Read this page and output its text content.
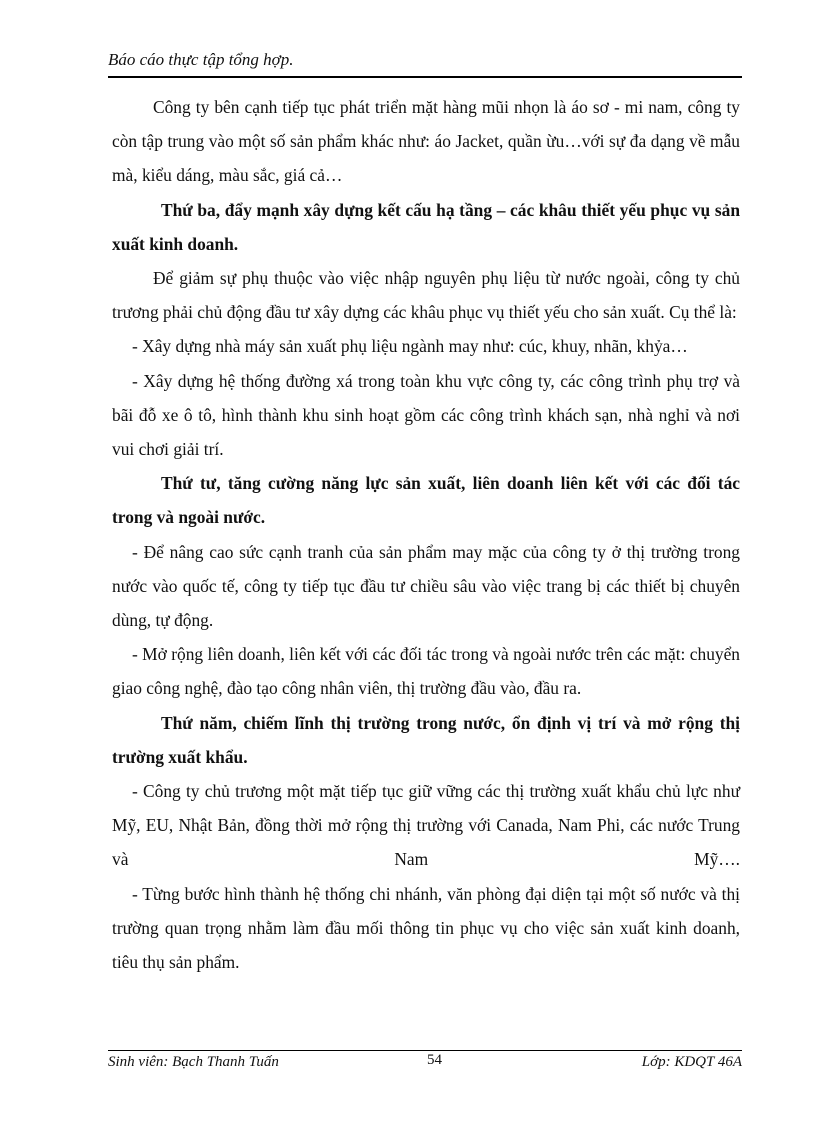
Báo cáo thực tập tổng hợp.

Công ty bên cạnh tiếp tục phát triển mặt hàng mũi nhọn là áo sơ - mi nam, công ty còn tập trung vào một số sản phẩm khác như: áo Jacket, quần ừu…với sự đa dạng về mẫu mà, kiểu dáng, màu sắc, giá cả…

Thứ ba, đẩy mạnh xây dựng kết cấu hạ tầng – các khâu thiết yếu phục vụ sản xuất kinh doanh.

Để giảm sự phụ thuộc vào việc nhập nguyên phụ liệu từ nước ngoài, công ty chủ trương phải chủ động đầu tư xây dựng các khâu phục vụ thiết yếu cho sản xuất. Cụ thể là:

- Xây dựng nhà máy sản xuất phụ liệu ngành may như: cúc, khuy, nhãn, khỷa…

- Xây dựng hệ thống đường xá trong toàn khu vực công ty, các công trình phụ trợ và bãi đỗ xe ô tô, hình thành khu sinh hoạt gồm các công trình khách sạn, nhà nghỉ và nơi vui chơi giải trí.

Thứ tư, tăng cường năng lực sản xuất, liên doanh liên kết với các đối tác trong và ngoài nước.

- Để nâng cao sức cạnh tranh của sản phẩm may mặc của công ty ở thị trường trong nước vào quốc tế, công ty tiếp tục đầu tư chiều sâu vào việc trang bị các thiết bị chuyên dùng, tự động.

- Mở rộng liên doanh, liên kết với các đối tác trong và ngoài nước trên các mặt: chuyển giao công nghệ, đào tạo công nhân viên, thị trường đầu vào, đầu ra.

Thứ năm, chiếm lĩnh thị trường trong nước, ổn định vị trí và mở rộng thị trường xuất khẩu.

- Công ty chủ trương một mặt tiếp tục giữ vững các thị trường xuất khẩu chủ lực như Mỹ, EU, Nhật Bản, đồng thời mở rộng thị trường với Canada, Nam Phi, các nước Trung và Nam Mỹ….

- Từng bước hình thành hệ thống chi nhánh, văn phòng đại diện tại một số nước và thị trường quan trọng nhằm làm đầu mối thông tin phục vụ cho việc sản xuất kinh doanh, tiêu thụ sản phẩm.

Sinh viên: Bạch Thanh Tuấn	54	Lớp: KDQT 46A
